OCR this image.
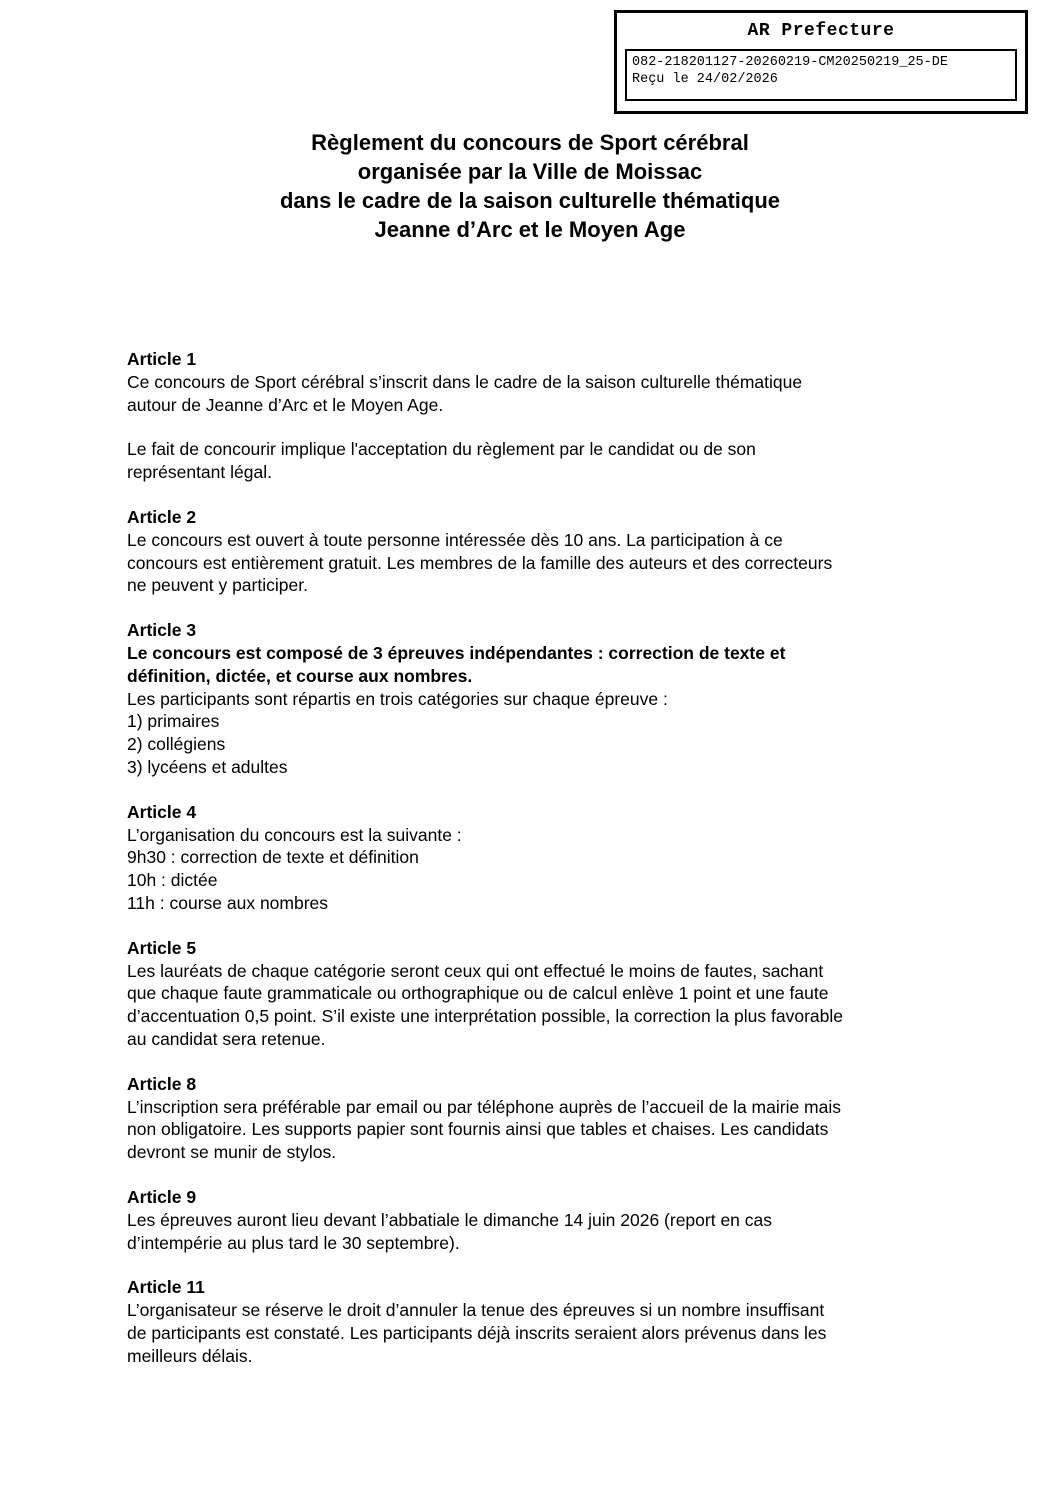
AR Prefecture
082-218201127-20260219-CM20250219_25-DE
Reçu le 24/02/2026
Règlement du concours de Sport cérébral
organisée par la Ville de Moissac
dans le cadre de la saison culturelle thématique
Jeanne d’Arc et le Moyen Age
Article 1

Ce concours de Sport cérébral s’inscrit dans le cadre de la saison culturelle thématique

autour de Jeanne d’Arc et le Moyen Age.

Le fait de concourir implique l'acceptation du règlement par le candidat ou de son

représentant légal.

Article 2

Le concours est ouvert à toute personne intéressée dès 10 ans. La participation à ce

concours est entièrement gratuit. Les membres de la famille des auteurs et des correcteurs

ne peuvent y participer.

Article 3

Le concours est composé de 3 épreuves indépendantes : correction de texte et

définition, dictée, et course aux nombres.

Les participants sont répartis en trois catégories sur chaque épreuve :

1) primaires

2) collégiens

3) lycéens et adultes

Article 4

L’organisation du concours est la suivante :

9h30 : correction de texte et définition

10h : dictée

11h : course aux nombres

Article 5

Les lauréats de chaque catégorie seront ceux qui ont effectué le moins de fautes, sachant

que chaque faute grammaticale ou orthographique ou de calcul enlève 1 point et une faute

d’accentuation 0,5 point. S’il existe une interprétation possible, la correction la plus favorable

au candidat sera retenue.

Article 8

L’inscription sera préférable par email ou par téléphone auprès de l’accueil de la mairie mais

non obligatoire. Les supports papier sont fournis ainsi que tables et chaises. Les candidats

devront se munir de stylos.

Article 9

Les épreuves auront lieu devant l’abbatiale le dimanche 14 juin 2026 (report en cas

d’intempérie au plus tard le 30 septembre).

Article 11

L’organisateur se réserve le droit d’annuler la tenue des épreuves si un nombre insuffisant

de participants est constaté. Les participants déjà inscrits seraient alors prévenus dans les

meilleurs délais.
